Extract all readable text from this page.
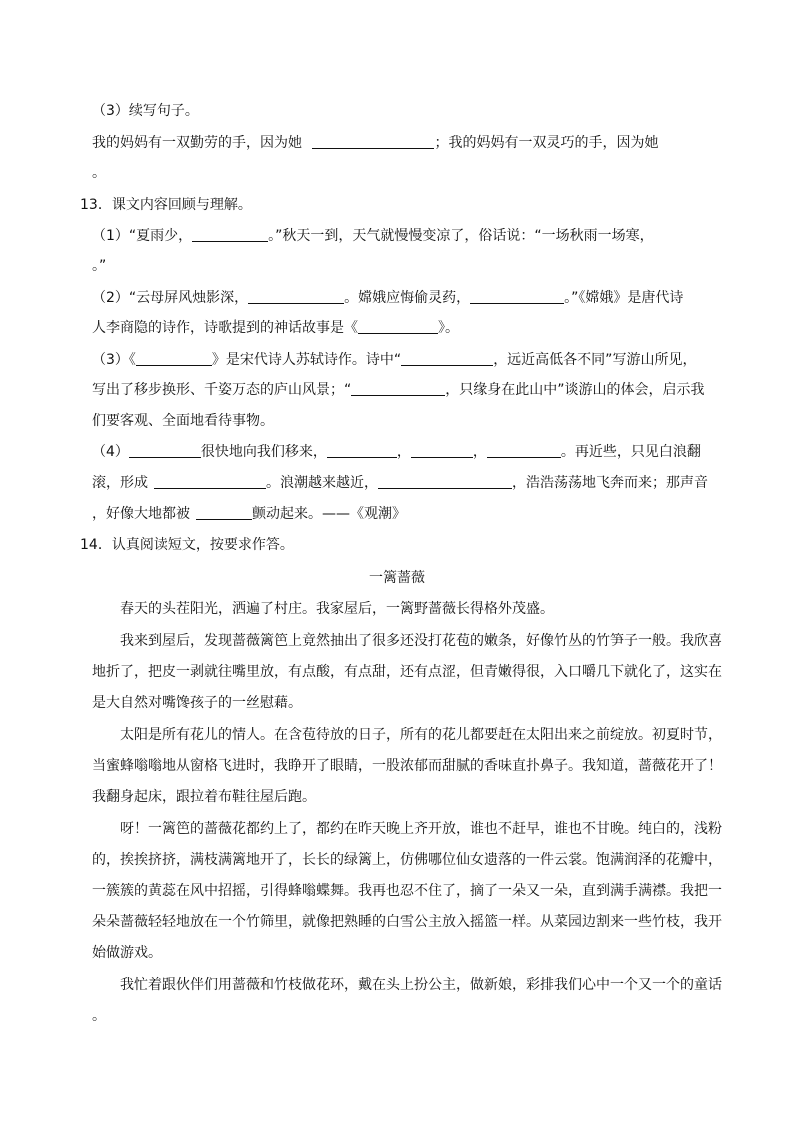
（3）续写句子。
我的妈妈有一双勤劳的手，因为她	；我的妈妈有一双灵巧的手，因为她
。
13．课文内容回顾与理解。
（1）“夏雨少，	。”秋天一到，天气就慢慢变凉了，俗话说：“一场秋雨一场寒，
。”
（2）“云母屏风烛影深，	。嫦娥应悔偷灵药，	。”《嫦娥》是唐代诗
人李商隐的诗作，诗歌提到的神话故事是《	》。
（3）《	》是宋代诗人苏轼诗作。诗中“	，远近高低各不同”写游山所见，
写出了移步换形、千姿万态的庐山风景；“	，只缘身在此山中”谈游山的体会，启示我
们要客观、全面地看待事物。
（4）	很快地向我们移来，	，	，	。再近些，只见白浪翻
滚，形成	。浪潮越来越近，	，浩浩荡荡地飞奔而来；那声音
，好像大地都被	颤动起来。——《观潮》
14．认真阅读短文，按要求作答。
一篱蔷薇
春天的头茬阳光，洒遍了村庄。我家屋后，一篱野蔷薇长得格外茂盛。
我来到屋后，发现蔷薇篱笆上竟然抽出了很多还没打花苞的嫩条，好像竹丛的竹笋子一般。我欣喜
地折了，把皮一剥就往嘴里放，有点酸，有点甜，还有点涩，但青嫩得很，入口嚼几下就化了，这实在
是大自然对嘴馋孩子的一丝慰藉。
太阳是所有花儿的情人。在含苞待放的日子，所有的花儿都要赶在太阳出来之前绽放。初夏时节，
当蜜蜂嗡嗡地从窗格飞进时，我睁开了眼睛，一股浓郁而甜腻的香味直扑鼻子。我知道，蔷薇花开了！
我翻身起床，跟拉着布鞋往屋后跑。
呀！一篱笆的蔷薇花都约上了，都约在昨天晚上齐开放，谁也不赶早，谁也不甘晚。纯白的，浅粉
的，挨挨挤挤，满枝满篱地开了，长长的绿篱上，仿佛哪位仙女遗落的一件云裳。饱满润泽的花瓣中，
一簇簇的黄蕊在风中招摇，引得蜂嗡蝶舞。我再也忍不住了，摘了一朵又一朵，直到满手满襟。我把一
朵朵蔷薇轻轻地放在一个竹筛里，就像把熟睡的白雪公主放入摇篮一样。从菜园边割来一些竹枝，我开
始做游戏。
我忙着跟伙伴们用蔷薇和竹枝做花环，戴在头上扮公主，做新娘，彩排我们心中一个又一个的童话
。
